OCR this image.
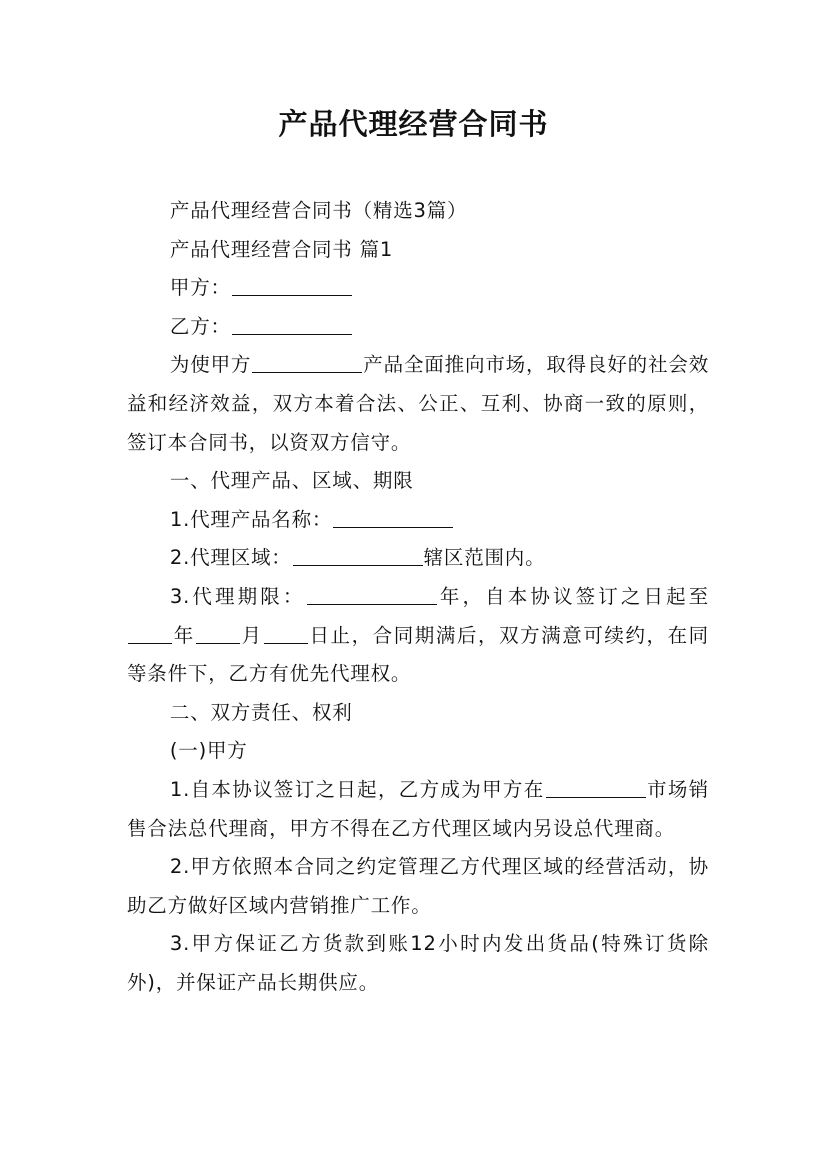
产品代理经营合同书

产品代理经营合同书（精选3篇）

产品代理经营合同书 篇1

甲方：

乙方：

为使甲方	产品全面推向市场，取得良好的社会效益和经济效益，双方本着合法、公正、互利、协商一致的原则，签订本合同书，以资双方信守。

一、代理产品、区域、期限

1.代理产品名称：

2.代理区域：	辖区范围内。

3.代理期限：	年，自本协议签订之日起至年 月 日止，合同期满后，双方满意可续约，在同等条件下，乙方有优先代理权。

二、双方责任、权利

(一)甲方

1.自本协议签订之日起，乙方成为甲方在	市场销售合法总代理商，甲方不得在乙方代理区域内另设总代理商。

2.甲方依照本合同之约定管理乙方代理区域的经营活动，协助乙方做好区域内营销推广工作。

3.甲方保证乙方货款到账12小时内发出货品(特殊订货除外)，并保证产品长期供应。
